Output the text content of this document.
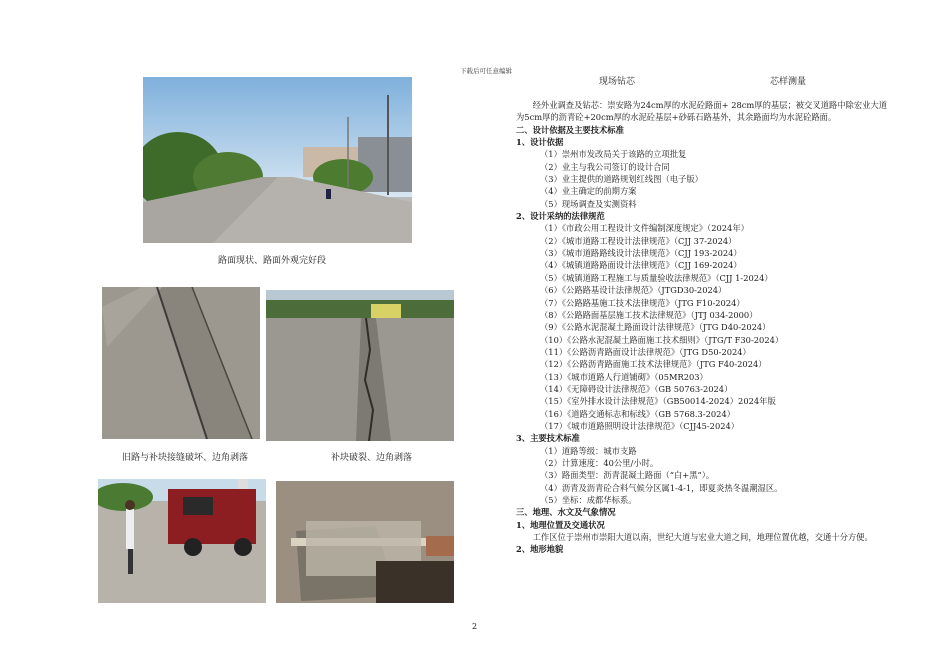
下载后可任意编辑
路面现状、路面外观完好段
旧路与补块接缝破坏、边角剥落	补块破裂、边角剥落
现场钻芯	芯样测量

经外业调查及钻芯：崇安路为24cm厚的水泥砼路面+ 28cm厚的基层；被交叉道路中除宏业大道为5cm厚的沥青砼+20cm厚的水泥砼基层+砂砾石路基外，其余路面均为水泥砼路面。

二、设计依据及主要技术标准

1、设计依据

（1）崇州市发改局关于该路的立项批复

（2）业主与我公司签订的设计合同

（3）业主提供的道路规划红线图（电子版）

（4）业主确定的前期方案

（5）现场调查及实测资料

2、设计采纳的法律规范

（1）《市政公用工程设计文件编制深度规定》（2024年）

（2）《城市道路工程设计法律规范》（CJJ 37-2024）

（3）《城市道路路线设计法律规范》（CJJ 193-2024）

（4）《城镇道路路面设计法律规范》（CJJ 169-2024）

（5）《城镇道路工程施工与质量验收法律规范》（CJJ 1-2024）

（6）《公路路基设计法律规范》（JTGD30-2024）

（7）《公路路基施工技术法律规范》（JTG F10-2024）

（8）《公路路面基层施工技术法律规范》（JTJ 034-2000）

（9）《公路水泥混凝土路面设计法律规范》（JTG D40-2024）

（10）《公路水泥混凝土路面施工技术细则》（JTG/T F30-2024）

（11）《公路沥青路面设计法律规范》（JTG D50-2024）

（12）《公路沥青路面施工技术法律规范》（JTG F40-2024）

（13）《城市道路人行道铺砌》（05MR203）

（14）《无障碍设计法律规范》（GB 50763-2024）

（15）《室外排水设计法律规范》（GB50014-2024）2024年版

（16）《道路交通标志和标线》（GB 5768.3-2024）

（17）《城市道路照明设计法律规范》（CJJ45-2024）

3、主要技术标准

（1）道路等级：城市支路

（2）计算速度：40公里/小时。

（3）路面类型：沥青混凝土路面（“白+黑”）。

（4）沥青及沥青砼合料气候分区属1-4-1，即夏炎热冬温潮湿区。

（5）坐标：成都华标系。

三、地理、水文及气象情况

1、地理位置及交通状况

工作区位于崇州市崇阳大道以南，世纪大道与宏业大道之间，地理位置优越，交通十分方便。

2、地形地貌

2
